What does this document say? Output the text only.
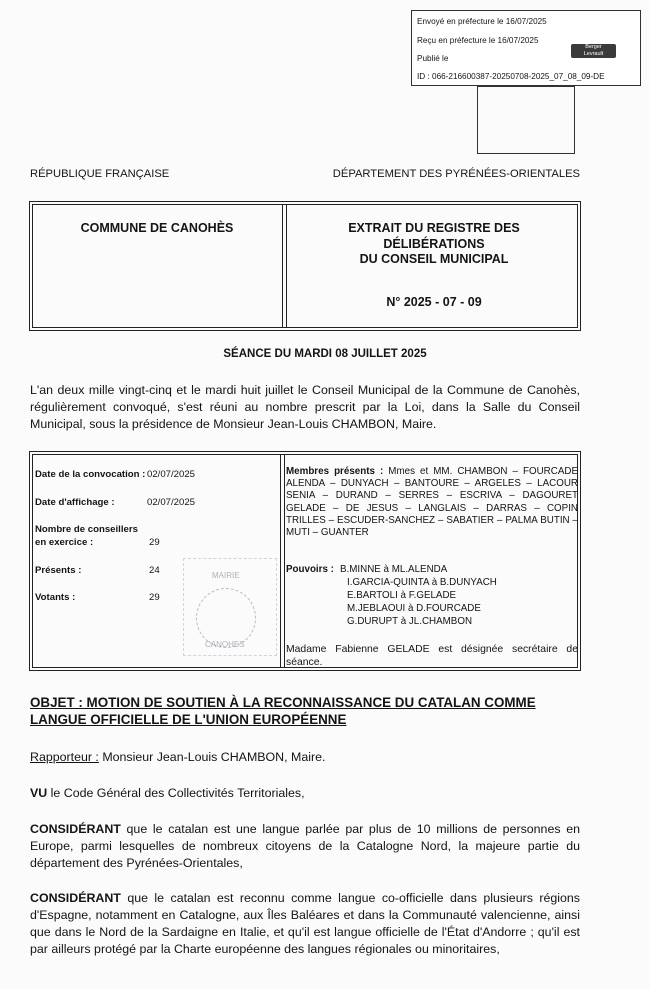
Envoyé en préfecture le 16/07/2025
Reçu en préfecture le 16/07/2025
Publié le
ID : 066-216600387-20250708-2025_07_08_09-DE
Berger
Levrault
RÉPUBLIQUE FRANÇAISE	DÉPARTEMENT DES PYRÉNÉES-ORIENTALES
COMMUNE DE CANOHÈS	EXTRAIT DU REGISTRE DES
DÉLIBÉRATIONS
DU CONSEIL MUNICIPAL
N° 2025 - 07 - 09
SÉANCE DU MARDI 08 JUILLET 2025
L'an deux mille vingt-cinq et le mardi huit juillet le Conseil Municipal de la Commune de Canohès, régulièrement convoqué, s'est réuni au nombre prescrit par la Loi, dans la Salle du Conseil Municipal, sous la présidence de Monsieur Jean-Louis CHAMBON, Maire.
Date de la convocation : 02/07/2025
Date d'affichage :	02/07/2025
Nombre de conseillers
en exercice :	29
Présents :	24
Votants :	29
MAIRIE
CANOHES
Membres présents : Mmes et MM. CHAMBON – FOURCADE ALENDA – DUNYACH – BANTOURE – ARGELES – LACOUR SENIA – DURAND – SERRES – ESCRIVA – DAGOURET GELADE – DE JESUS – LANGLAIS – DARRAS – COPIN TRILLES – ESCUDER-SANCHEZ – SABATIER – PALMA BUTIN – MUTI – GUANTER
Pouvoirs : B.MINNE à ML.ALENDA
I.GARCIA-QUINTA à B.DUNYACH
E.BARTOLI à F.GELADE
M.JEBLAOUI à D.FOURCADE
G.DURUPT à JL.CHAMBON
Madame Fabienne GELADE est désignée secrétaire de séance.
OBJET : MOTION DE SOUTIEN À LA RECONNAISSANCE DU CATALAN COMME LANGUE OFFICIELLE DE L'UNION EUROPÉENNE
Rapporteur : Monsieur Jean-Louis CHAMBON, Maire.
VU le Code Général des Collectivités Territoriales,
CONSIDÉRANT que le catalan est une langue parlée par plus de 10 millions de personnes en Europe, parmi lesquelles de nombreux citoyens de la Catalogne Nord, la majeure partie du département des Pyrénées-Orientales,
CONSIDÉRANT que le catalan est reconnu comme langue co-officielle dans plusieurs régions d'Espagne, notamment en Catalogne, aux Îles Baléares et dans la Communauté valencienne, ainsi que dans le Nord de la Sardaigne en Italie, et qu'il est langue officielle de l'État d'Andorre ; qu'il est par ailleurs protégé par la Charte européenne des langues régionales ou minoritaires,
